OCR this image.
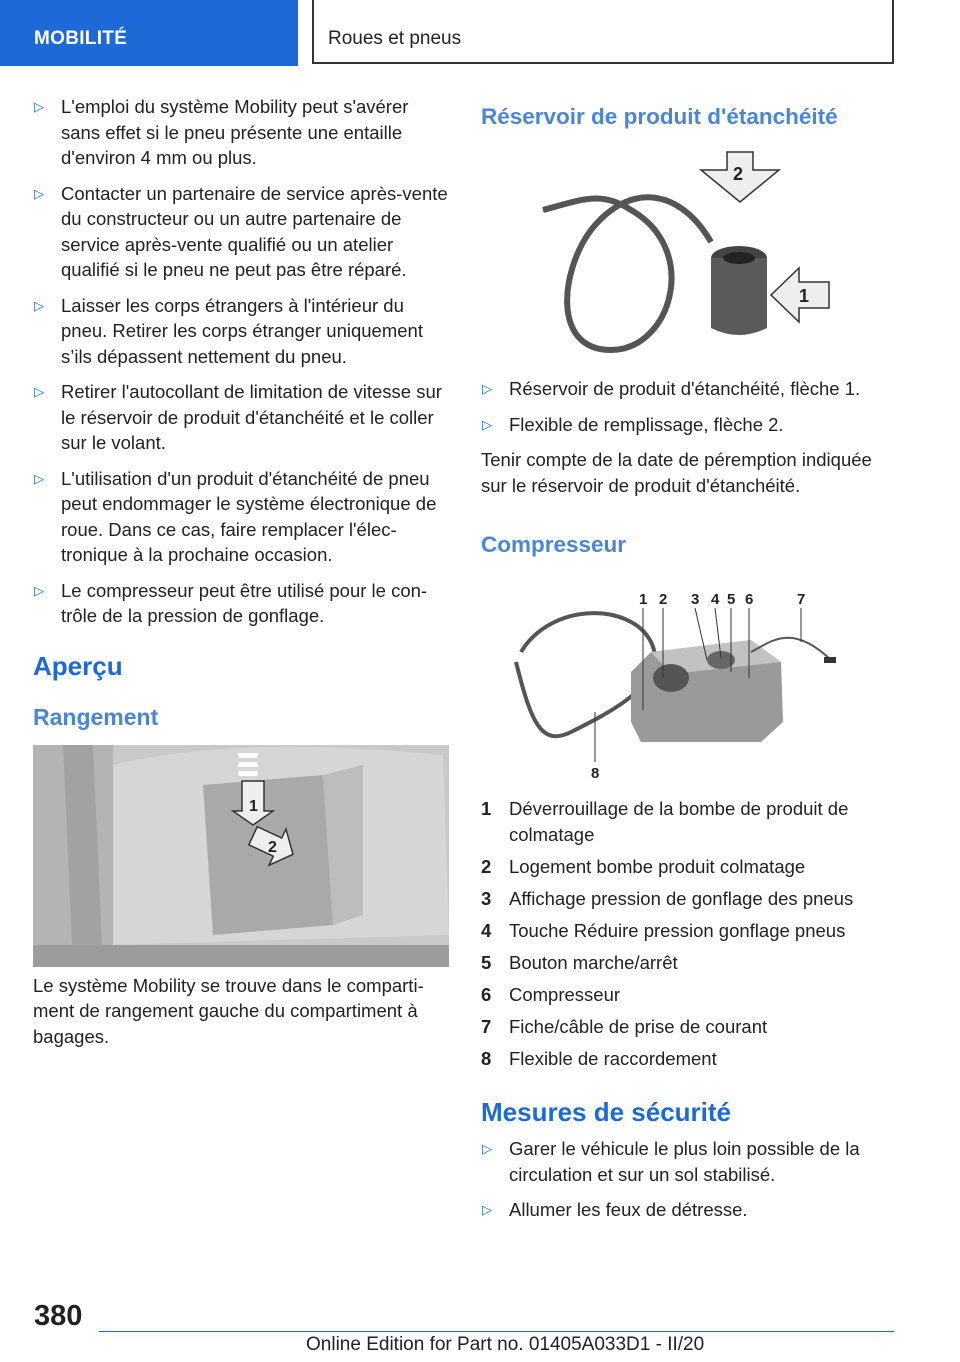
MOBILITÉ	Roues et pneus
▷ L'emploi du système Mobility peut s'avérer sans effet si le pneu présente une entaille d'environ 4 mm ou plus.
▷ Contacter un partenaire de service après-vente du constructeur ou un autre partenaire de service après-vente qualifié ou un atelier qualifié si le pneu ne peut pas être réparé.
▷ Laisser les corps étrangers à l'intérieur du pneu. Retirer les corps étranger uniquement s’ils dépassent nettement du pneu.
▷ Retirer l'autocollant de limitation de vitesse sur le réservoir de produit d'étanchéité et le coller sur le volant.
▷ L'utilisation d'un produit d'étanchéité de pneu peut endommager le système électronique de roue. Dans ce cas, faire remplacer l'électronique à la prochaine occasion.
▷ Le compresseur peut être utilisé pour le contrôle de la pression de gonflage.
Aperçu
Rangement
1
2

Le système Mobility se trouve dans le compartiment de rangement gauche du compartiment à bagages.

Réservoir de produit d'étanchéité
2
1
▷ Réservoir de produit d'étanchéité, flèche 1.
▷ Flexible de remplissage, flèche 2.

Tenir compte de la date de péremption indiquée sur le réservoir de produit d'étanchéité.

Compresseur
1 2 3 4 5 6	7
8
1 Déverrouillage de la bombe de produit de colmatage
2 Logement bombe produit colmatage
3 Affichage pression de gonflage des pneus
4 Touche Réduire pression gonflage pneus
5 Bouton marche/arrêt
6 Compresseur
7 Fiche/câble de prise de courant
8 Flexible de raccordement
Mesures de sécurité
▷ Garer le véhicule le plus loin possible de la circulation et sur un sol stabilisé.
▷ Allumer les feux de détresse.
380
Online Edition for Part no. 01405A033D1 - II/20
